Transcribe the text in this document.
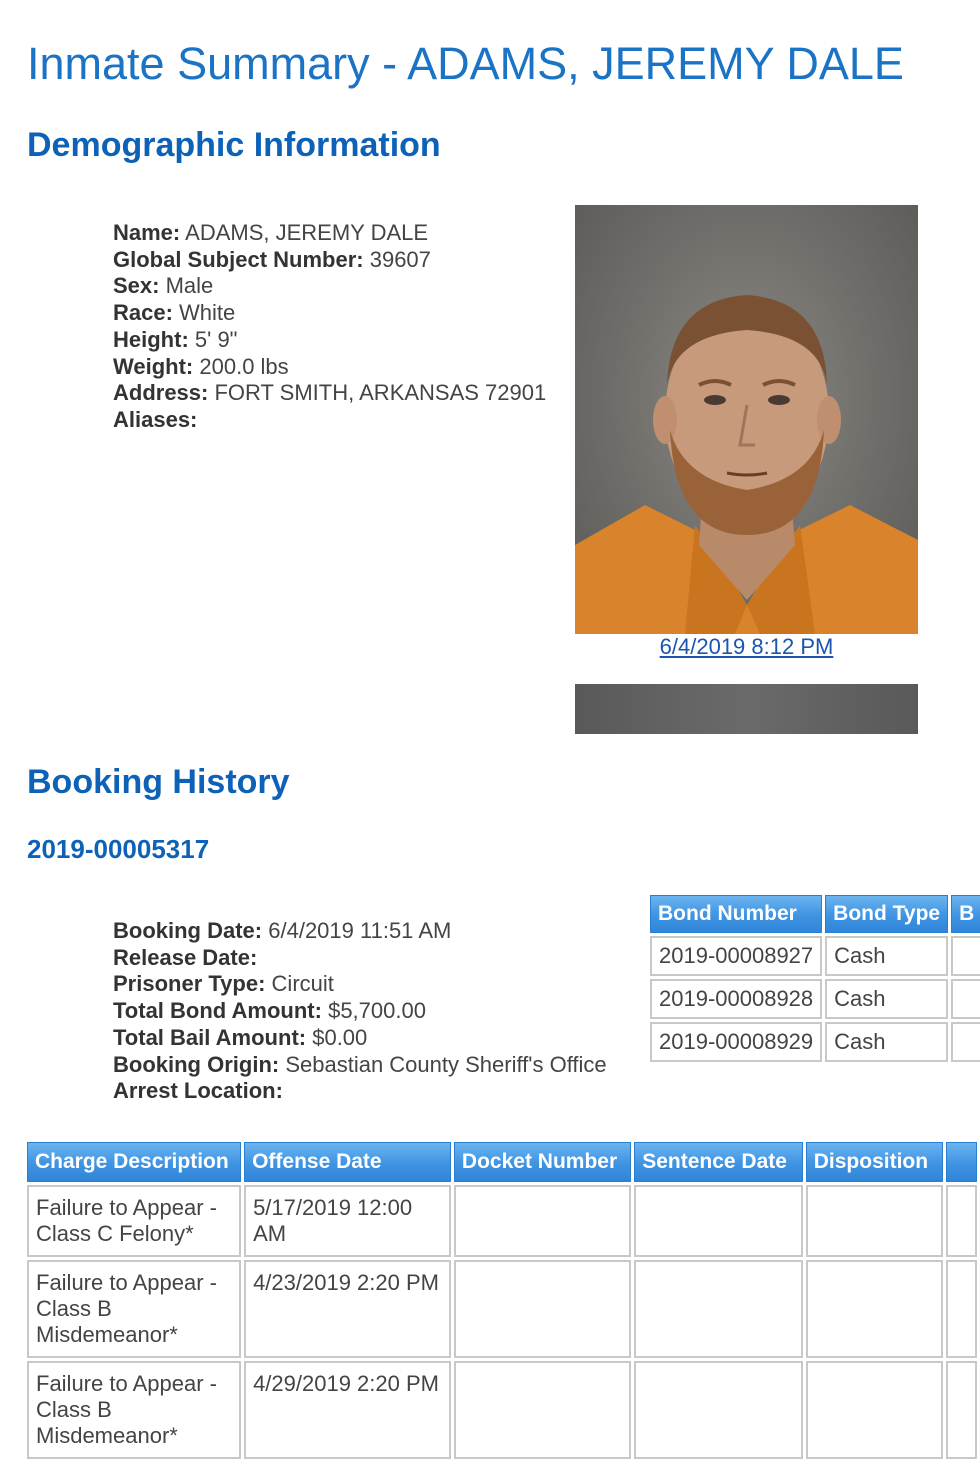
Inmate Summary - ADAMS, JEREMY DALE
Demographic Information
Name: ADAMS, JEREMY DALE
Global Subject Number: 39607
Sex: Male
Race: White
Height: 5' 9"
Weight: 200.0 lbs
Address: FORT SMITH, ARKANSAS 72901
Aliases:
6/4/2019 8:12 PM
Booking History
2019-00005317
Booking Date: 6/4/2019 11:51 AM
Release Date:
Prisoner Type: Circuit
Total Bond Amount: $5,700.00
Total Bail Amount: $0.00
Booking Origin: Sebastian County Sheriff's Office
Arrest Location:
Bond Number	Bond Type	B
2019-00008927	Cash	
2019-00008928	Cash	
2019-00008929	Cash	
Charge Description	Offense Date	Docket Number	Sentence Date	Disposition	
Failure to Appear - Class C Felony*	5/17/2019 12:00 AM				
Failure to Appear - Class B Misdemeanor*	4/23/2019 2:20 PM				
Failure to Appear - Class B Misdemeanor*	4/29/2019 2:20 PM				
